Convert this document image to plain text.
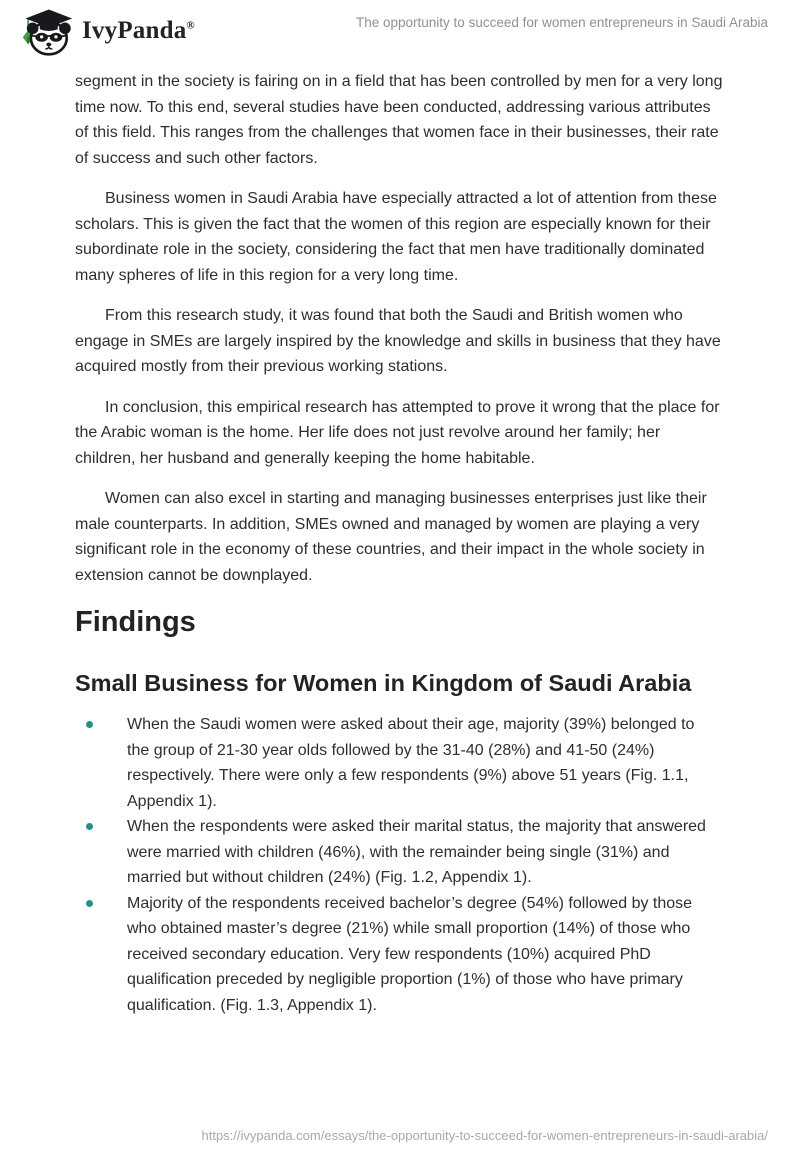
IvyPanda®	The opportunity to succeed for women entrepreneurs in Saudi Arabia

segment in the society is fairing on in a field that has been controlled by men for a very long time now. To this end, several studies have been conducted, addressing various attributes of this field. This ranges from the challenges that women face in their businesses, their rate of success and such other factors.

Business women in Saudi Arabia have especially attracted a lot of attention from these scholars. This is given the fact that the women of this region are especially known for their subordinate role in the society, considering the fact that men have traditionally dominated many spheres of life in this region for a very long time.

From this research study, it was found that both the Saudi and British women who engage in SMEs are largely inspired by the knowledge and skills in business that they have acquired mostly from their previous working stations.

In conclusion, this empirical research has attempted to prove it wrong that the place for the Arabic woman is the home. Her life does not just revolve around her family; her children, her husband and generally keeping the home habitable.

Women can also excel in starting and managing businesses enterprises just like their male counterparts. In addition, SMEs owned and managed by women are playing a very significant role in the economy of these countries, and their impact in the whole society in extension cannot be downplayed.

Findings
Small Business for Women in Kingdom of Saudi Arabia
When the Saudi women were asked about their age, majority (39%) belonged to the group of 21-30 year olds followed by the 31-40 (28%) and 41-50 (24%) respectively. There were only a few respondents (9%) above 51 years (Fig. 1.1, Appendix 1).
When the respondents were asked their marital status, the majority that answered were married with children (46%), with the remainder being single (31%) and married but without children (24%) (Fig. 1.2, Appendix 1).
Majority of the respondents received bachelor’s degree (54%) followed by those who obtained master’s degree (21%) while small proportion (14%) of those who received secondary education. Very few respondents (10%) acquired PhD qualification preceded by negligible proportion (1%) of those who have primary qualification. (Fig. 1.3, Appendix 1).
https://ivypanda.com/essays/the-opportunity-to-succeed-for-women-entrepreneurs-in-saudi-arabia/
